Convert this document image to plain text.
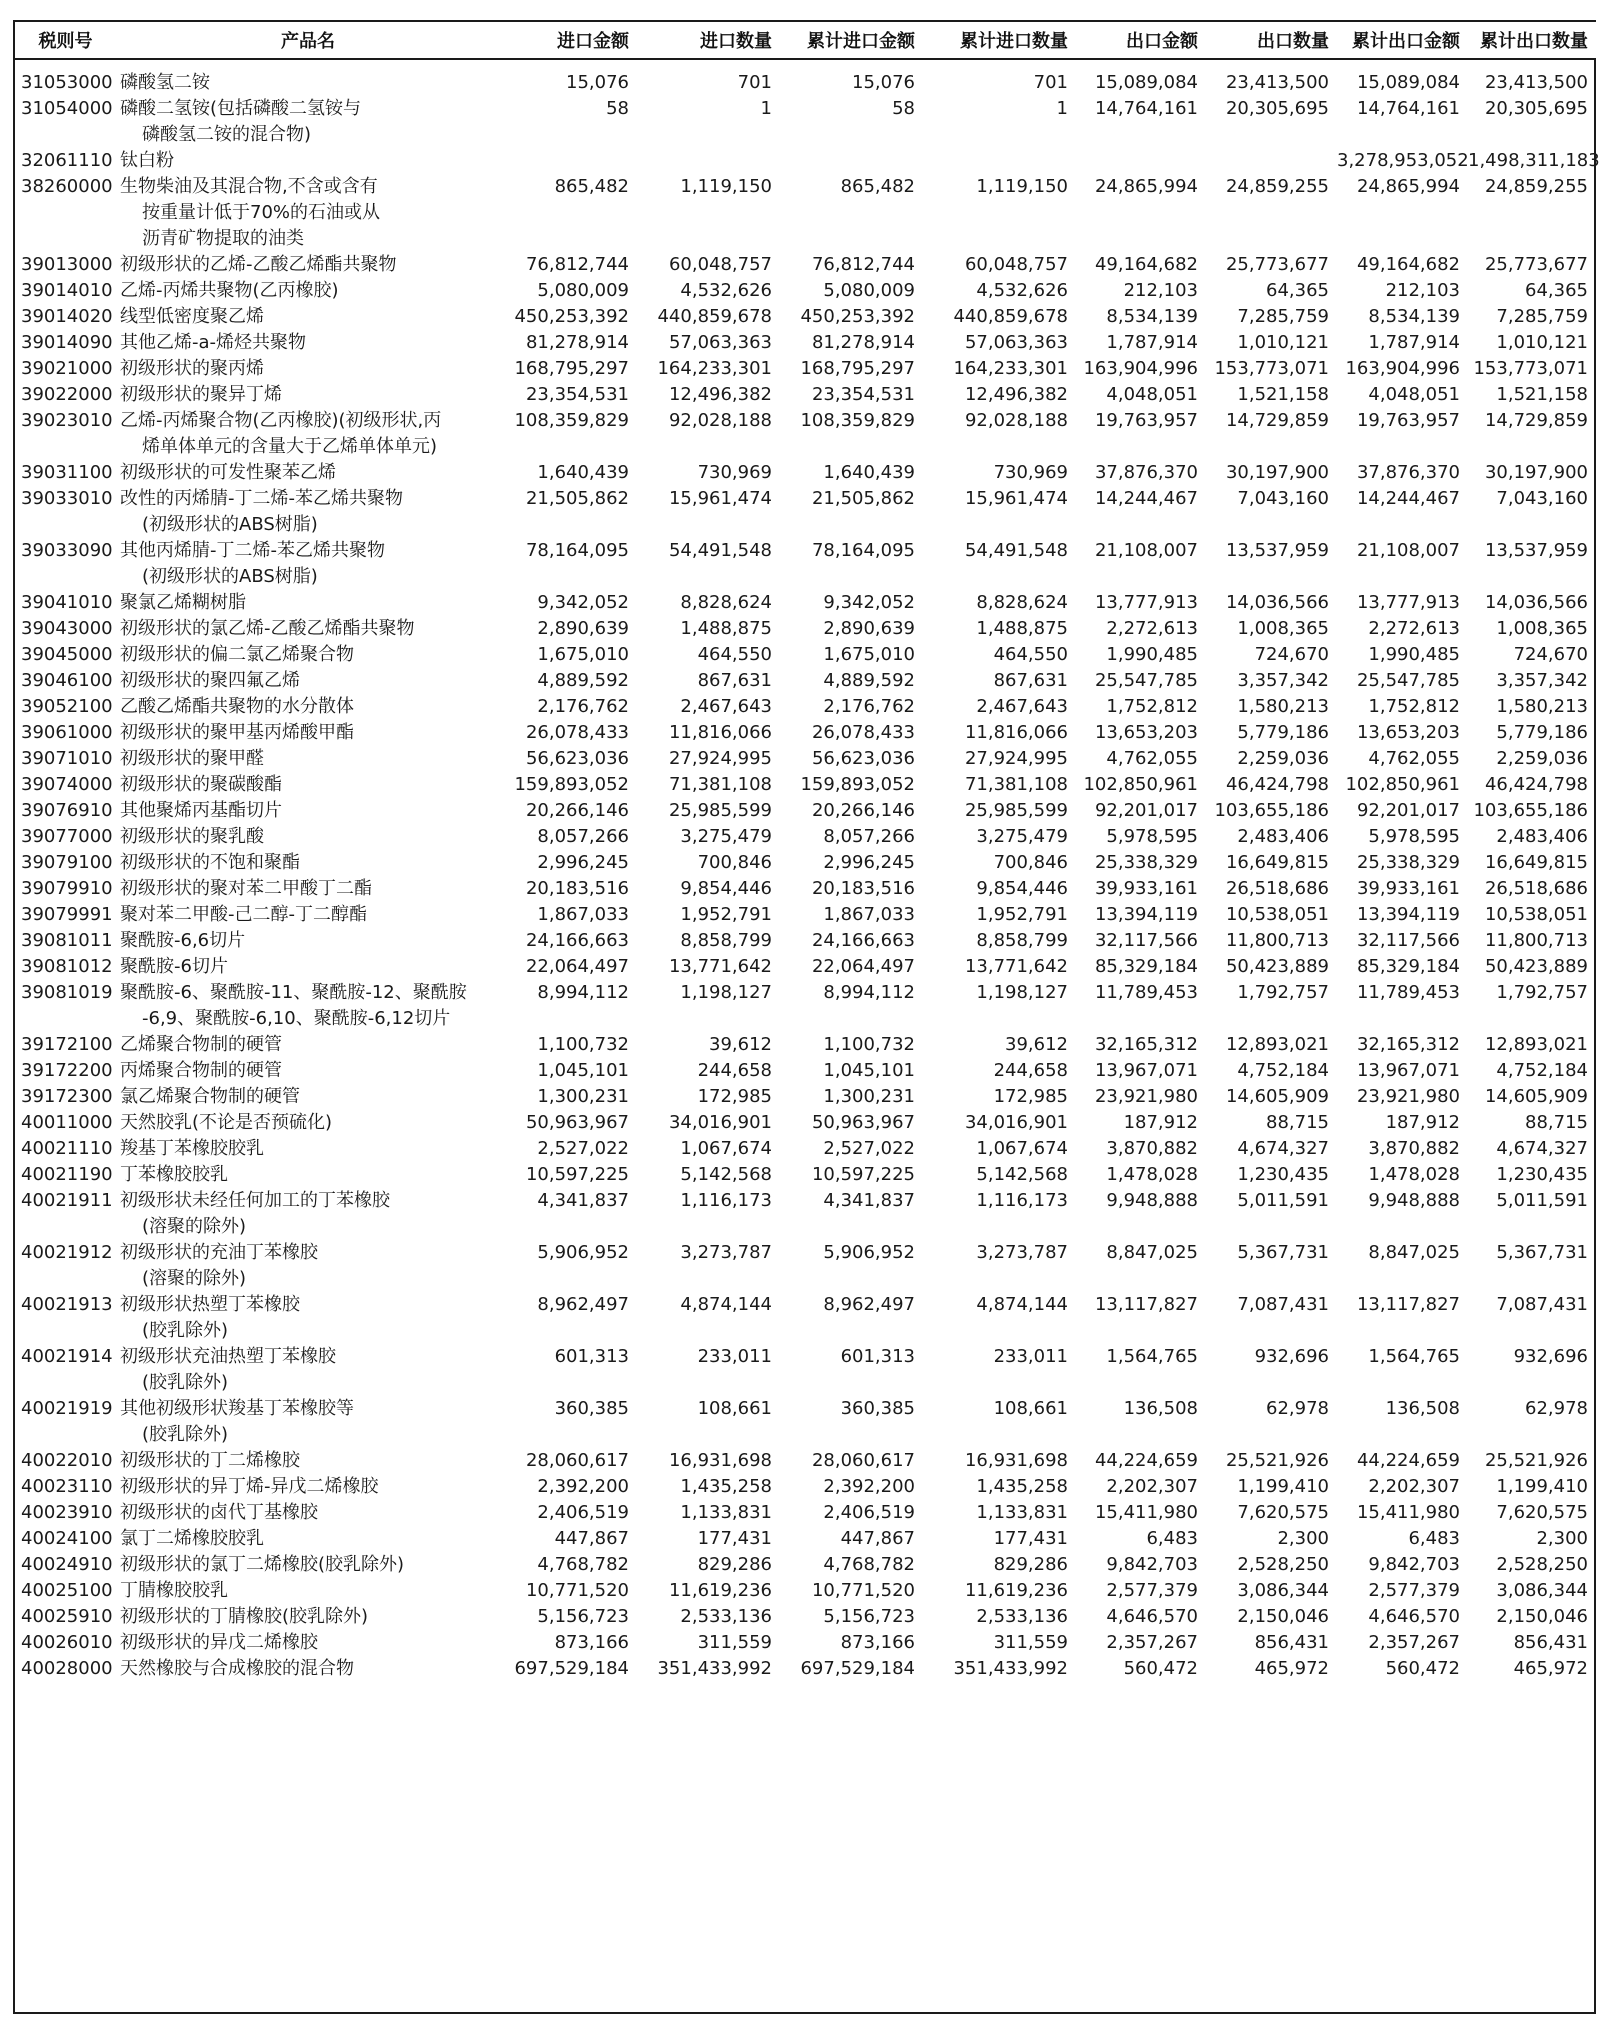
税则号	产品名	进口金额	进口数量	累计进口金额	累计进口数量	出口金额	出口数量	累计出口金额	累计出口数量
31053000	磷酸氢二铵	15,076	701	15,076	701	15,089,084	23,413,500	15,089,084	23,413,500
31054000	磷酸二氢铵(包括磷酸二氢铵与
磷酸氢二铵的混合物)	58	1	58	1	14,764,161	20,305,695	14,764,161	20,305,695
32061110	钛白粉							3,278,953,052	1,498,311,183
38260000	生物柴油及其混合物,不含或含有
按重量计低于70%的石油或从
沥青矿物提取的油类	865,482	1,119,150	865,482	1,119,150	24,865,994	24,859,255	24,865,994	24,859,255
39013000	初级形状的乙烯-乙酸乙烯酯共聚物	76,812,744	60,048,757	76,812,744	60,048,757	49,164,682	25,773,677	49,164,682	25,773,677
39014010	乙烯-丙烯共聚物(乙丙橡胶)	5,080,009	4,532,626	5,080,009	4,532,626	212,103	64,365	212,103	64,365
39014020	线型低密度聚乙烯	450,253,392	440,859,678	450,253,392	440,859,678	8,534,139	7,285,759	8,534,139	7,285,759
39014090	其他乙烯-a-烯烃共聚物	81,278,914	57,063,363	81,278,914	57,063,363	1,787,914	1,010,121	1,787,914	1,010,121
39021000	初级形状的聚丙烯	168,795,297	164,233,301	168,795,297	164,233,301	163,904,996	153,773,071	163,904,996	153,773,071
39022000	初级形状的聚异丁烯	23,354,531	12,496,382	23,354,531	12,496,382	4,048,051	1,521,158	4,048,051	1,521,158
39023010	乙烯-丙烯聚合物(乙丙橡胶)(初级形状,丙
烯单体单元的含量大于乙烯单体单元)	108,359,829	92,028,188	108,359,829	92,028,188	19,763,957	14,729,859	19,763,957	14,729,859
39031100	初级形状的可发性聚苯乙烯	1,640,439	730,969	1,640,439	730,969	37,876,370	30,197,900	37,876,370	30,197,900
39033010	改性的丙烯腈-丁二烯-苯乙烯共聚物
(初级形状的ABS树脂)	21,505,862	15,961,474	21,505,862	15,961,474	14,244,467	7,043,160	14,244,467	7,043,160
39033090	其他丙烯腈-丁二烯-苯乙烯共聚物
(初级形状的ABS树脂)	78,164,095	54,491,548	78,164,095	54,491,548	21,108,007	13,537,959	21,108,007	13,537,959
39041010	聚氯乙烯糊树脂	9,342,052	8,828,624	9,342,052	8,828,624	13,777,913	14,036,566	13,777,913	14,036,566
39043000	初级形状的氯乙烯-乙酸乙烯酯共聚物	2,890,639	1,488,875	2,890,639	1,488,875	2,272,613	1,008,365	2,272,613	1,008,365
39045000	初级形状的偏二氯乙烯聚合物	1,675,010	464,550	1,675,010	464,550	1,990,485	724,670	1,990,485	724,670
39046100	初级形状的聚四氟乙烯	4,889,592	867,631	4,889,592	867,631	25,547,785	3,357,342	25,547,785	3,357,342
39052100	乙酸乙烯酯共聚物的水分散体	2,176,762	2,467,643	2,176,762	2,467,643	1,752,812	1,580,213	1,752,812	1,580,213
39061000	初级形状的聚甲基丙烯酸甲酯	26,078,433	11,816,066	26,078,433	11,816,066	13,653,203	5,779,186	13,653,203	5,779,186
39071010	初级形状的聚甲醛	56,623,036	27,924,995	56,623,036	27,924,995	4,762,055	2,259,036	4,762,055	2,259,036
39074000	初级形状的聚碳酸酯	159,893,052	71,381,108	159,893,052	71,381,108	102,850,961	46,424,798	102,850,961	46,424,798
39076910	其他聚烯丙基酯切片	20,266,146	25,985,599	20,266,146	25,985,599	92,201,017	103,655,186	92,201,017	103,655,186
39077000	初级形状的聚乳酸	8,057,266	3,275,479	8,057,266	3,275,479	5,978,595	2,483,406	5,978,595	2,483,406
39079100	初级形状的不饱和聚酯	2,996,245	700,846	2,996,245	700,846	25,338,329	16,649,815	25,338,329	16,649,815
39079910	初级形状的聚对苯二甲酸丁二酯	20,183,516	9,854,446	20,183,516	9,854,446	39,933,161	26,518,686	39,933,161	26,518,686
39079991	聚对苯二甲酸-己二醇-丁二醇酯	1,867,033	1,952,791	1,867,033	1,952,791	13,394,119	10,538,051	13,394,119	10,538,051
39081011	聚酰胺-6,6切片	24,166,663	8,858,799	24,166,663	8,858,799	32,117,566	11,800,713	32,117,566	11,800,713
39081012	聚酰胺-6切片	22,064,497	13,771,642	22,064,497	13,771,642	85,329,184	50,423,889	85,329,184	50,423,889
39081019	聚酰胺-6、聚酰胺-11、聚酰胺-12、聚酰胺
-6,9、聚酰胺-6,10、聚酰胺-6,12切片	8,994,112	1,198,127	8,994,112	1,198,127	11,789,453	1,792,757	11,789,453	1,792,757
39172100	乙烯聚合物制的硬管	1,100,732	39,612	1,100,732	39,612	32,165,312	12,893,021	32,165,312	12,893,021
39172200	丙烯聚合物制的硬管	1,045,101	244,658	1,045,101	244,658	13,967,071	4,752,184	13,967,071	4,752,184
39172300	氯乙烯聚合物制的硬管	1,300,231	172,985	1,300,231	172,985	23,921,980	14,605,909	23,921,980	14,605,909
40011000	天然胶乳(不论是否预硫化)	50,963,967	34,016,901	50,963,967	34,016,901	187,912	88,715	187,912	88,715
40021110	羧基丁苯橡胶胶乳	2,527,022	1,067,674	2,527,022	1,067,674	3,870,882	4,674,327	3,870,882	4,674,327
40021190	丁苯橡胶胶乳	10,597,225	5,142,568	10,597,225	5,142,568	1,478,028	1,230,435	1,478,028	1,230,435
40021911	初级形状未经任何加工的丁苯橡胶
(溶聚的除外)	4,341,837	1,116,173	4,341,837	1,116,173	9,948,888	5,011,591	9,948,888	5,011,591
40021912	初级形状的充油丁苯橡胶
(溶聚的除外)	5,906,952	3,273,787	5,906,952	3,273,787	8,847,025	5,367,731	8,847,025	5,367,731
40021913	初级形状热塑丁苯橡胶
(胶乳除外)	8,962,497	4,874,144	8,962,497	4,874,144	13,117,827	7,087,431	13,117,827	7,087,431
40021914	初级形状充油热塑丁苯橡胶
(胶乳除外)	601,313	233,011	601,313	233,011	1,564,765	932,696	1,564,765	932,696
40021919	其他初级形状羧基丁苯橡胶等
(胶乳除外)	360,385	108,661	360,385	108,661	136,508	62,978	136,508	62,978
40022010	初级形状的丁二烯橡胶	28,060,617	16,931,698	28,060,617	16,931,698	44,224,659	25,521,926	44,224,659	25,521,926
40023110	初级形状的异丁烯-异戊二烯橡胶	2,392,200	1,435,258	2,392,200	1,435,258	2,202,307	1,199,410	2,202,307	1,199,410
40023910	初级形状的卤代丁基橡胶	2,406,519	1,133,831	2,406,519	1,133,831	15,411,980	7,620,575	15,411,980	7,620,575
40024100	氯丁二烯橡胶胶乳	447,867	177,431	447,867	177,431	6,483	2,300	6,483	2,300
40024910	初级形状的氯丁二烯橡胶(胶乳除外)	4,768,782	829,286	4,768,782	829,286	9,842,703	2,528,250	9,842,703	2,528,250
40025100	丁腈橡胶胶乳	10,771,520	11,619,236	10,771,520	11,619,236	2,577,379	3,086,344	2,577,379	3,086,344
40025910	初级形状的丁腈橡胶(胶乳除外)	5,156,723	2,533,136	5,156,723	2,533,136	4,646,570	2,150,046	4,646,570	2,150,046
40026010	初级形状的异戊二烯橡胶	873,166	311,559	873,166	311,559	2,357,267	856,431	2,357,267	856,431
40028000	天然橡胶与合成橡胶的混合物	697,529,184	351,433,992	697,529,184	351,433,992	560,472	465,972	560,472	465,972
